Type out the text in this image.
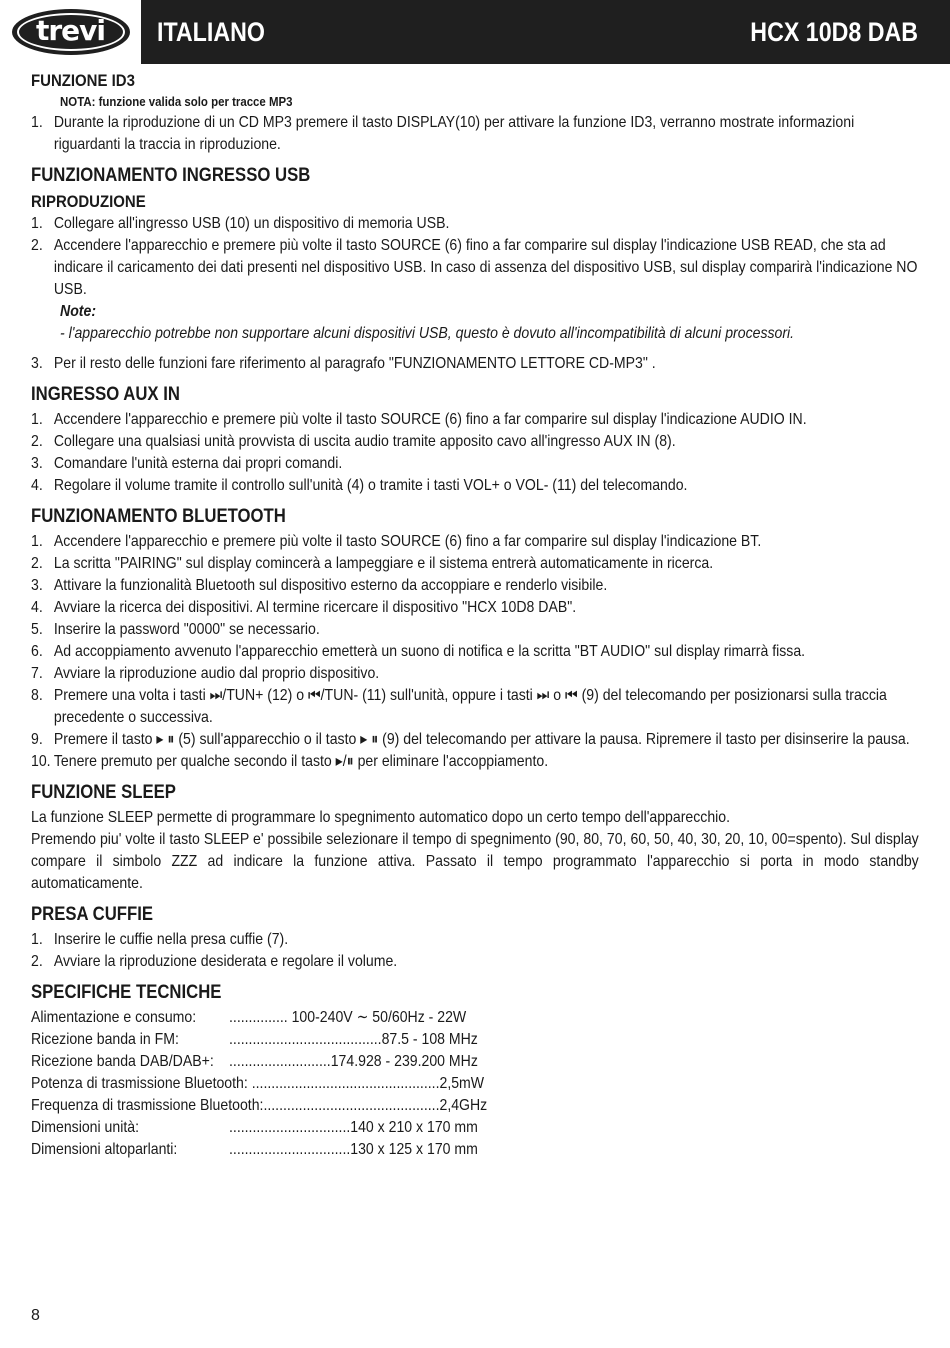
trevi ITALIANO	HCX 10D8 DAB
FUNZIONE ID3
NOTA: funzione valida solo per tracce MP3
1. Durante la riproduzione di un CD MP3 premere il tasto DISPLAY(10) per attivare la funzione ID3, verranno mostrate informazioni riguardanti la traccia in riproduzione.
FUNZIONAMENTO INGRESSO USB
RIPRODUZIONE
1. Collegare all'ingresso USB (10) un dispositivo di memoria USB.
2. Accendere l'apparecchio e premere più volte il tasto SOURCE (6) fino a far comparire sul display l'indicazione USB READ, che sta ad indicare il caricamento dei dati presenti nel dispositivo USB. In caso di assenza del dispositivo USB, sul display comparirà l'indicazione NO USB.
Note:
- l'apparecchio potrebbe non supportare alcuni dispositivi USB, questo è dovuto all'incompatibilità di alcuni processori.
3. Per il resto delle funzioni fare riferimento al paragrafo "FUNZIONAMENTO LETTORE CD-MP3" .
INGRESSO AUX IN
1. Accendere l'apparecchio e premere più volte il tasto SOURCE (6) fino a far comparire sul display l'indicazione AUDIO IN.
2. Collegare una qualsiasi unità provvista di uscita audio tramite apposito cavo all'ingresso AUX IN (8).
3. Comandare l'unità esterna dai propri comandi.
4. Regolare il volume tramite il controllo sull'unità (4) o tramite i tasti VOL+ o VOL- (11) del telecomando.
FUNZIONAMENTO BLUETOOTH
1. Accendere l'apparecchio e premere più volte il tasto SOURCE (6) fino a far comparire sul display l'indicazione BT.
2. La scritta "PAIRING" sul display comincerà a lampeggiare e il sistema entrerà automaticamente in ricerca.
3. Attivare la funzionalità Bluetooth sul dispositivo esterno da accoppiare e renderlo visibile.
4. Avviare la ricerca dei dispositivi. Al termine ricercare il dispositivo "HCX 10D8 DAB".
5. Inserire la password "0000" se necessario.
6. Ad accoppiamento avvenuto l'apparecchio emetterà un suono di notifica e la scritta "BT AUDIO" sul display rimarrà fissa.
7. Avviare la riproduzione audio dal proprio dispositivo.
8. Premere una volta i tasti ⏭/TUN+ (12) o ⏮/TUN- (11) sull'unità, oppure i tasti ⏭ o ⏮ (9) del telecomando per posizionarsi sulla traccia precedente o successiva.
9. Premere il tasto ▸ ⏸ (5) sull'apparecchio o il tasto ▸ ⏸ (9) del telecomando per attivare la pausa. Ripremere il tasto per disinserire la pausa.
10. Tenere premuto per qualche secondo il tasto ▸/⏸ per eliminare l'accoppiamento.
FUNZIONE SLEEP
La funzione SLEEP permette di programmare lo spegnimento automatico dopo un certo tempo dell'apparecchio.
Premendo piu' volte il tasto SLEEP e' possibile selezionare il tempo di spegnimento (90, 80, 70, 60, 50, 40, 30, 20, 10, 00=spento). Sul display compare il simbolo ZZZ ad indicare la funzione attiva. Passato il tempo programmato l'apparecchio si porta in modo standby automaticamente.
PRESA CUFFIE
1. Inserire le cuffie nella presa cuffie (7).
2. Avviare la riproduzione desiderata e regolare il volume.
SPECIFICHE TECNICHE
Alimentazione e consumo: ............... 100-240V ∼ 50/60Hz - 22W
Ricezione banda in FM:	.......................................87.5 - 108 MHz
Ricezione banda DAB/DAB+: ..........................174.928 - 239.200 MHz
Potenza di trasmissione Bluetooth: ................................................2,5mW
Frequenza di trasmissione Bluetooth:.............................................2,4GHz
Dimensioni unità:	...............................140 x 210 x 170 mm
Dimensioni altoparlanti:	...............................130 x 125 x 170 mm
8
